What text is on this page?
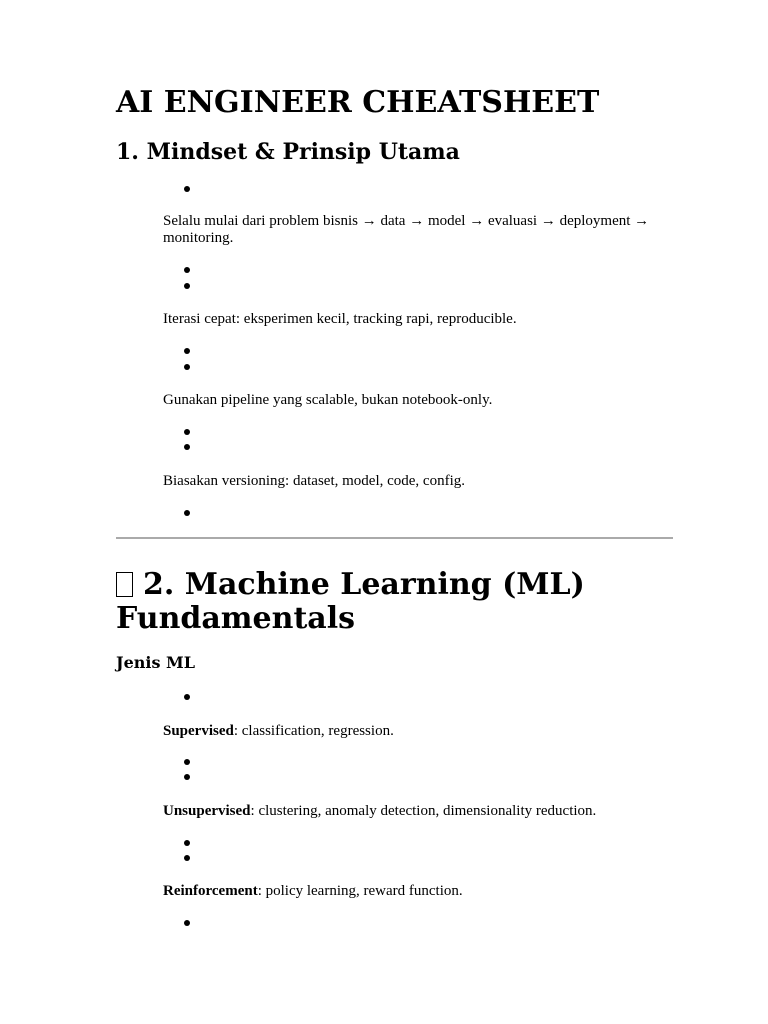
AI ENGINEER CHEATSHEET
1. Mindset & Prinsip Utama

Selalu mulai dari problem bisnis → data → model → evaluasi → deployment → monitoring.

Iterasi cepat: eksperimen kecil, tracking rapi, reproducible.

Gunakan pipeline yang scalable, bukan notebook-only.

Biasakan versioning: dataset, model, code, config.

2. Machine Learning (ML) Fundamentals
Jenis ML

Supervised: classification, regression.

Unsupervised: clustering, anomaly detection, dimensionality reduction.

Reinforcement: policy learning, reward function.
